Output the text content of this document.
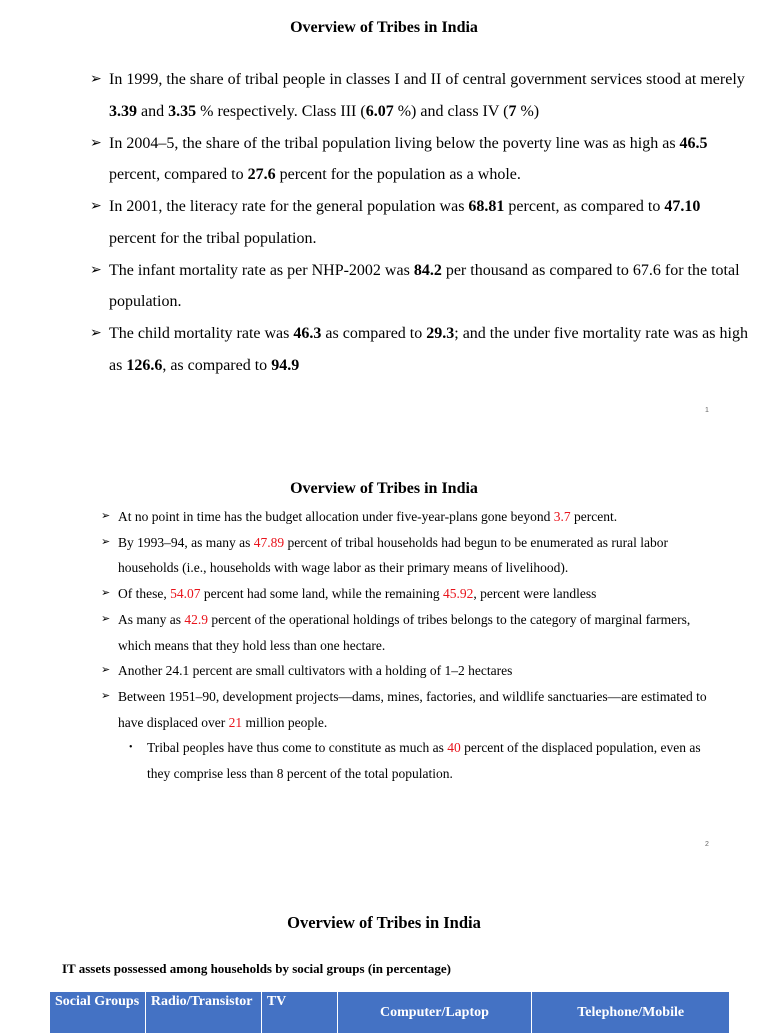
Overview of Tribes in India
➢ In 1999, the share of tribal people in classes I and II of central government services stood at merely 3.39 and 3.35 % respectively. Class III (6.07 %) and class IV (7 %)
➢ In 2004–5, the share of the tribal population living below the poverty line was as high as 46.5 percent, compared to 27.6 percent for the population as a whole.
➢ In 2001, the literacy rate for the general population was 68.81 percent, as compared to 47.10 percent for the tribal population.
➢ The infant mortality rate as per NHP-2002 was 84.2 per thousand as compared to 67.6 for the total population.
➢ The child mortality rate was 46.3 as compared to 29.3; and the under five mortality rate was as high as 126.6, as compared to 94.9
1
Overview of Tribes in India
➢ At no point in time has the budget allocation under five-year-plans gone beyond 3.7 percent.
➢ By 1993–94, as many as 47.89 percent of tribal households had begun to be enumerated as rural labor households (i.e., households with wage labor as their primary means of livelihood).
➢ Of these, 54.07 percent had some land, while the remaining 45.92, percent were landless
➢ As many as 42.9 percent of the operational holdings of tribes belongs to the category of marginal farmers, which means that they hold less than one hectare.
➢ Another 24.1 percent are small cultivators with a holding of 1–2 hectares
➢ Between 1951–90, development projects—dams, mines, factories, and wildlife sanctuaries—are estimated to have displaced over 21 million people.
• Tribal peoples have thus come to constitute as much as 40 percent of the displaced population, even as they comprise less than 8 percent of the total population.
2
Overview of Tribes in India
IT assets possessed among households by social groups (in percentage)
Social Groups	Radio/Transistor	TV	Computer/Laptop	Telephone/Mobile
